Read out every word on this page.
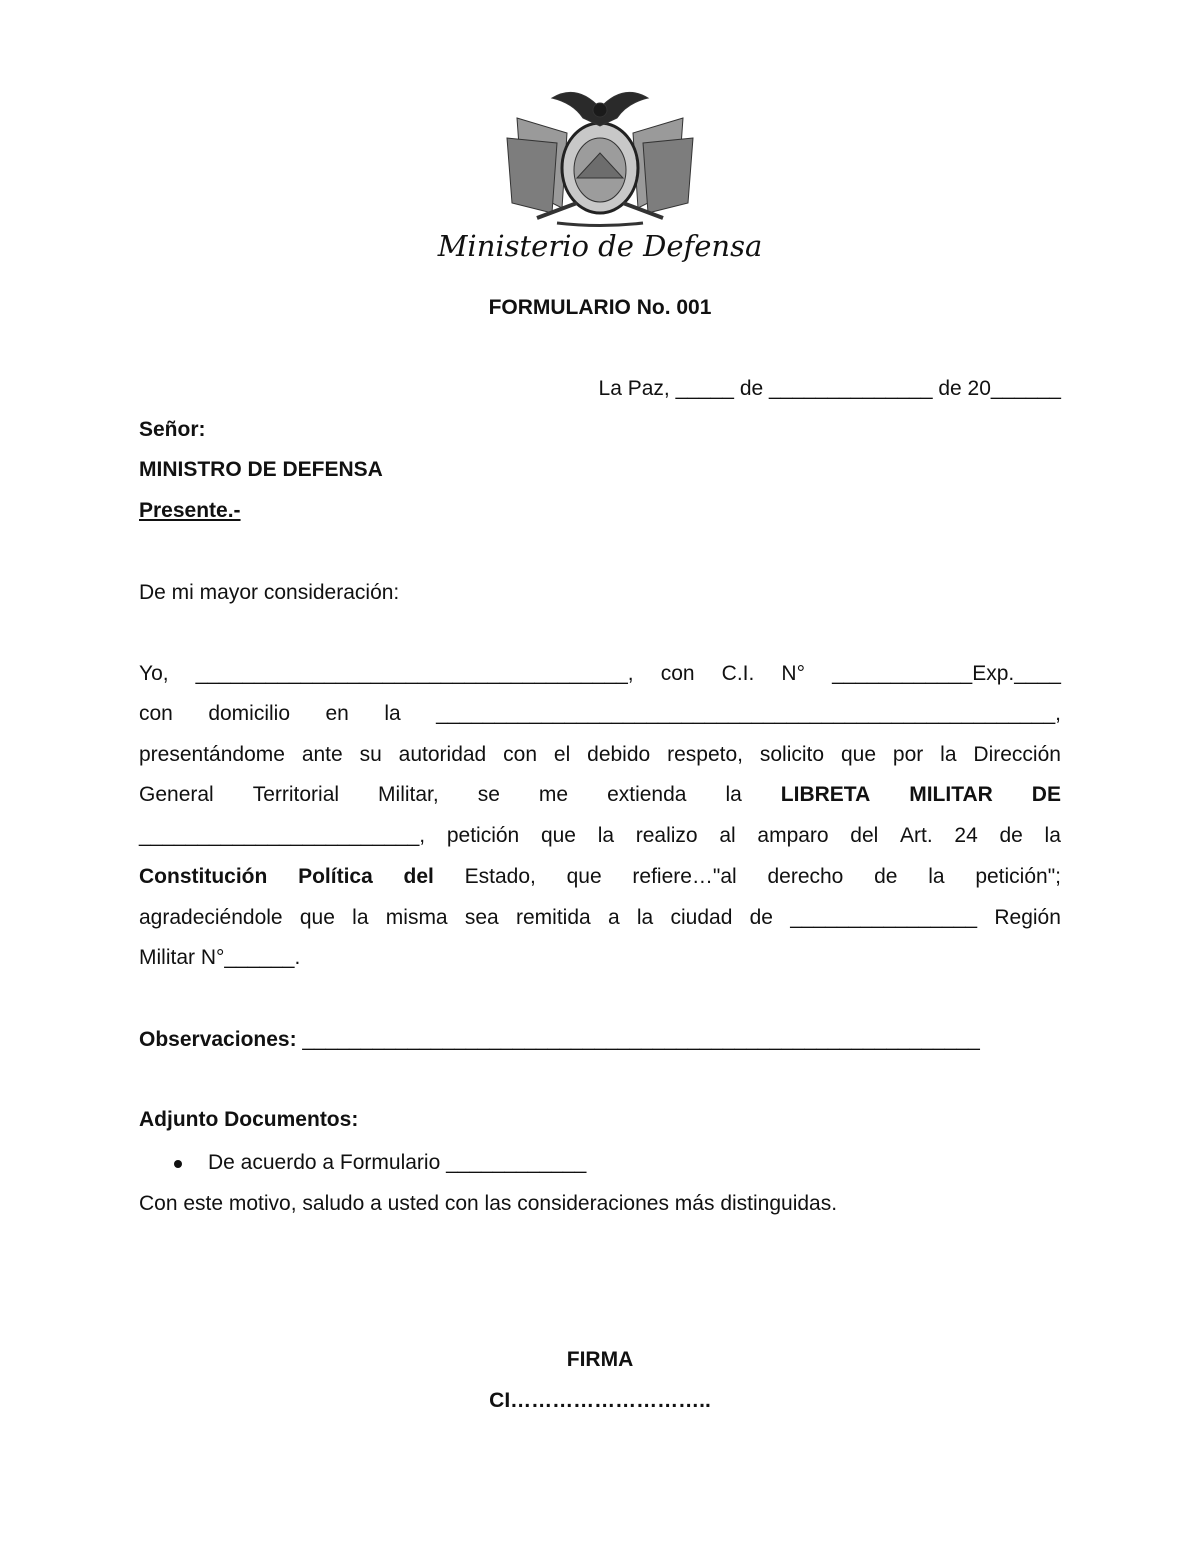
Ministerio de Defensa
FORMULARIO No. 001
La Paz, _____ de ______________ de 20______
Señor:
MINISTRO DE DEFENSA
Presente.-
De mi mayor consideración:
Yo, _____________________________________, con C.I. N° ____________Exp.____
con domicilio en la _____________________________________________________,
presentándome ante su autoridad con el debido respeto, solicito que por la Dirección
General Territorial Militar, se me extienda la LIBRETA MILITAR DE
________________________, petición que la realizo al amparo del Art. 24 de la
Constitución Política del Estado, que refiere…"al derecho de la petición";
agradeciéndole que la misma sea remitida a la ciudad de ________________ Región
Militar N°______.
Observaciones: __________________________________________________________
Adjunto Documentos:
De acuerdo a Formulario ____________
Con este motivo, saludo a usted con las consideraciones más distinguidas.
FIRMA
CI………………………..
